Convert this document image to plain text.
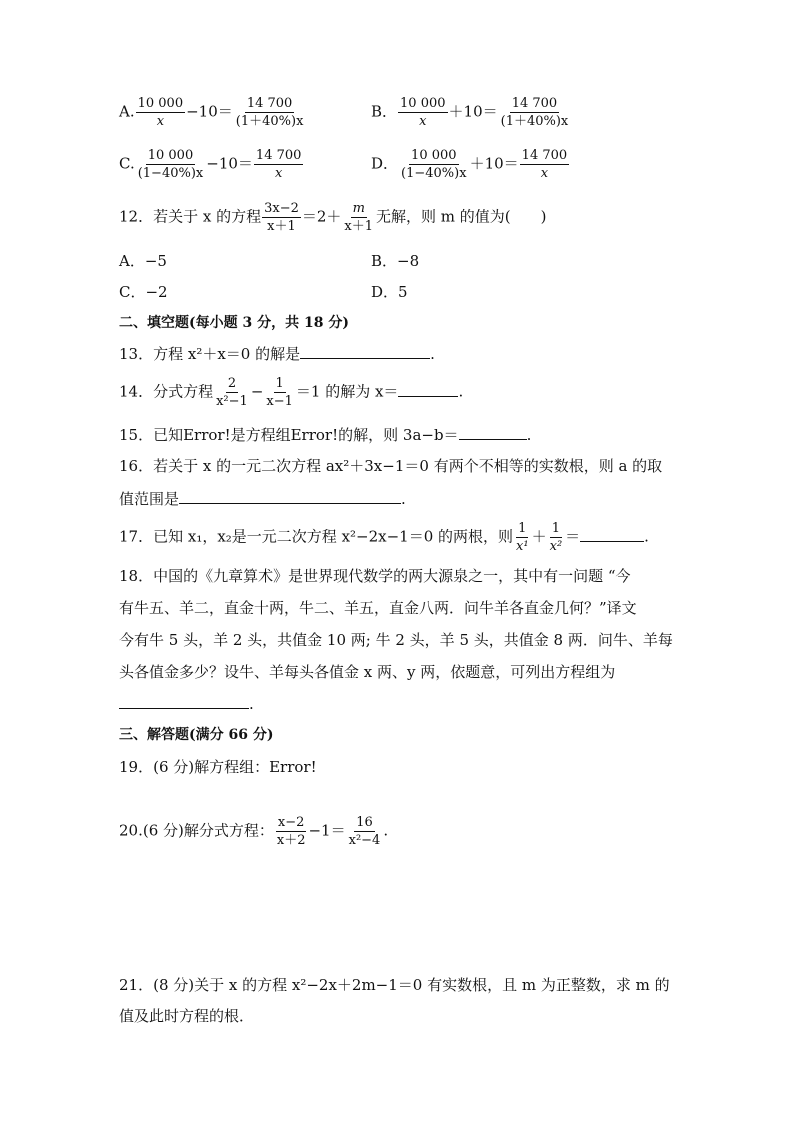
A. $\frac{10 000}{x} -10= \frac{14 700}{(1+40\%)x}$	B． $\frac{10 000}{x} +10= \frac{14 700}{(1+40\%)x}$
C. $\frac{10 000}{(1-40\%)x} -10= \frac{14 700}{x}$	D． $\frac{10 000}{(1-40\%)x} +10= \frac{14 700}{x}$
12．若关于 x 的方程 $\frac{3x-2}{x+1} =2+ \frac{m}{x+1}$ 无解，则 m 的值为(　　)
A．−5	B．−8
C．−2	D．5
二、填空题(每小题 3 分，共 18 分)
13．方程 x²＋x＝0 的解是	.
14．分式方程 $\frac{2}{\text{x²−1}} - \frac{1}{x-1} =1$ 的解为 x＝	.
15．已知Error!是方程组Error!的解，则 3a−b＝	.
16．若关于 x 的一元二次方程 ax²＋3x−1＝0 有两个不相等的实数根，则 a 的取
值范围是	.
17．已知 x₁，x₂是一元二次方程 x²−2x−1＝0 的两根，则 $\frac{1}{\text{x¹}} + \frac{1}{\text{x²}}$ ＝	.
18．中国的《九章算术》是世界现代数学的两大源泉之一，其中有一问题 “今
有牛五、羊二，直金十两，牛二、羊五，直金八两．问牛羊各直金几何？”译文
今有牛 5 头，羊 2 头，共值金 10 两; 牛 2 头，羊 5 头，共值金 8 两．问牛、羊每
头各值金多少？设牛、羊每头各值金 x 两、y 两，依题意，可列出方程组为
.
三、解答题(满分 66 分)
19．(6 分)解方程组：Error!
20.(6 分)解分式方程： $\frac{x-2}{x+2} -1= \frac{16}{\text{x²−4}}$ .
21．(8 分)关于 x 的方程 x²−2x＋2m−1＝0 有实数根，且 m 为正整数，求 m 的
值及此时方程的根．
